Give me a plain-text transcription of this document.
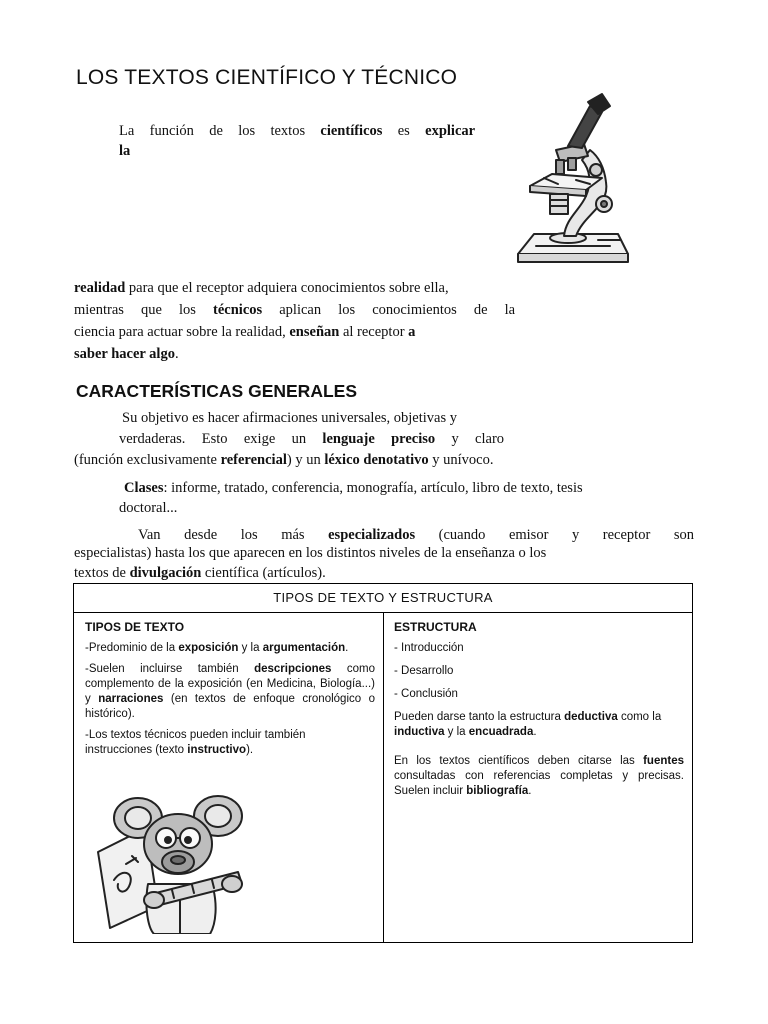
LOS TEXTOS CIENTÍFICO Y TÉCNICO
La función de los textos científicos es explicar
la
realidad para que el receptor adquiera conocimientos sobre ella,
mientras que los técnicos aplican los conocimientos de la
ciencia para actuar sobre la realidad, enseñan al receptor a
saber hacer algo.
CARACTERÍSTICAS GENERALES
Su objetivo es hacer afirmaciones universales, objetivas y
verdaderas. Esto exige un lenguaje preciso y claro
(función exclusivamente referencial) y un léxico denotativo y unívoco.
Clases: informe, tratado, conferencia, monografía, artículo, libro de texto, tesis
doctoral...
Van desde los más especializados (cuando emisor y receptor son
especialistas) hasta los que aparecen en los distintos niveles de la enseñanza o los
textos de divulgación científica (artículos).
TIPOS DE TEXTO Y ESTRUCTURA
TIPOS DE TEXTO

-Predominio de la exposición y la argumentación.

-Suelen incluirse también descripciones como complemento de la exposición (en Medicina, Biología...) y narraciones (en textos de enfoque cronológico o histórico).

-Los textos técnicos pueden incluir también instrucciones (texto instructivo).

ESTRUCTURA

- Introducción

- Desarrollo

- Conclusión

Pueden darse tanto la estructura deductiva como la inductiva y la encuadrada.

En los textos científicos deben citarse las fuentes consultadas con referencias completas y precisas. Suelen incluir bibliografía.
